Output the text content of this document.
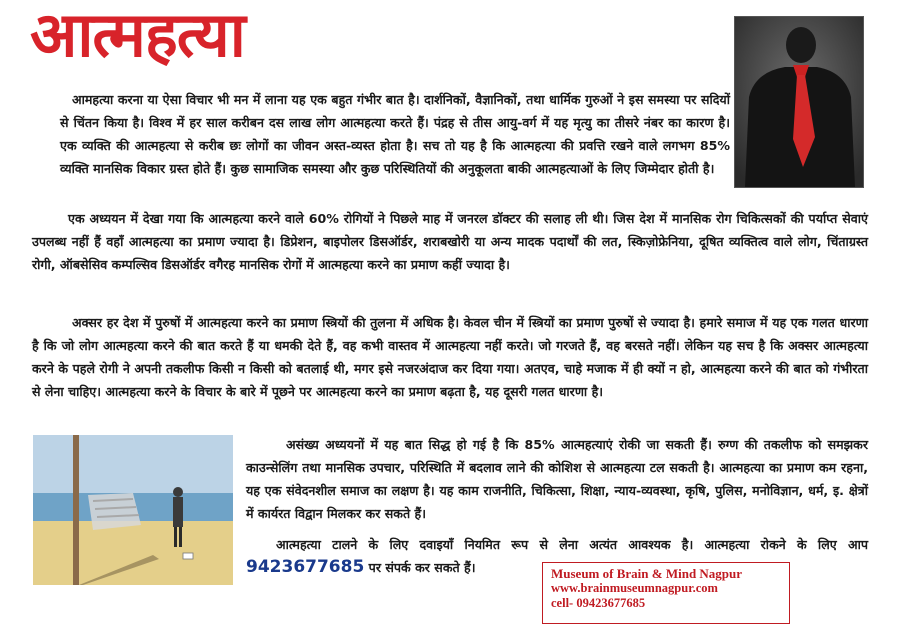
आत्महत्या

आमहत्या करना या ऐसा विचार भी मन में लाना यह एक बहुत गंभीर बात है। दार्शनिकों, वैज्ञानिकों, तथा धार्मिक गुरुओं ने इस समस्या पर सदियों से चिंतन किया है। विश्व में हर साल करीबन दस लाख लोग आत्महत्या करते हैं। पंद्रह से तीस आयु-वर्ग में यह मृत्यु का तीसरे नंबर का कारण है। एक व्यक्ति की आत्महत्या से करीब छः लोगों का जीवन अस्त-व्यस्त होता है। सच तो यह है कि आत्महत्या की प्रवत्ति रखने वाले लगभग 85% व्यक्ति मानसिक विकार ग्रस्त होते हैं। कुछ सामाजिक समस्या और कुछ परिस्थितियों की अनुकूलता बाकी आत्महत्याओं के लिए जिम्मेदार होती है।

एक अध्ययन में देखा गया कि आत्महत्या करने वाले 60% रोगियों ने पिछले माह में जनरल डॉक्टर की सलाह ली थी। जिस देश में मानसिक रोग चिकित्सकों की पर्याप्त सेवाएं उपलब्ध नहीं हैं वहाँ आत्महत्या का प्रमाण ज्यादा है। डिप्रेशन, बाइपोलर डिसऑर्डर, शराबखोरी या अन्य मादक पदार्थों की लत, स्किज़ोफ्रेनिया, दूषित व्यक्तित्व वाले लोग, चिंताग्रस्त रोगी, ऑबसेसिव कम्पल्सिव डिसऑर्डर वगैरह मानसिक रोगों में आत्महत्या करने का प्रमाण कहीं ज्यादा है।

अक्सर हर देश में पुरुषों में आत्महत्या करने का प्रमाण स्त्रियों की तुलना में अधिक है। केवल चीन में स्त्रियों का प्रमाण पुरुषों से ज्यादा है। हमारे समाज में यह एक गलत धारणा है कि जो लोग आत्महत्या करने की बात करते हैं या धमकी देते हैं, वह कभी वास्तव में आत्महत्या नहीं करते। जो गरजते हैं, वह बरसते नहीं। लेकिन यह सच है कि अक्सर आत्महत्या करने के पहले रोगी ने अपनी तकलीफ किसी न किसी को बतलाई थी, मगर इसे नजरअंदाज कर दिया गया। अतएव, चाहे मजाक में ही क्यों न हो, आत्महत्या करने की बात को गंभीरता से लेना चाहिए। आत्महत्या करने के विचार के बारे में पूछने पर आत्महत्या करने का प्रमाण बढ़ता है, यह दूसरी गलत धारणा है।

असंख्य अध्ययनों में यह बात सिद्ध हो गई है कि 85% आत्महत्याएं रोकी जा सकती हैं। रुग्ण की तकलीफ को समझकर काउन्सेलिंग तथा मानसिक उपचार, परिस्थिति में बदलाव लाने की कोशिश से आत्महत्या टल सकती है। आत्महत्या का प्रमाण कम रहना, यह एक संवेदनशील समाज का लक्षण है। यह काम राजनीति, चिकित्सा, शिक्षा, न्याय-व्यवस्था, कृषि, पुलिस, मनोविज्ञान, धर्म, इ. क्षेत्रों में कार्यरत विद्वान मिलकर कर सकते हैं।

आत्महत्या टालने के लिए दवाइयाँ नियमित रूप से लेना अत्यंत आवश्यक है। आत्महत्या रोकने के लिए आप 9423677685 पर संपर्क कर सकते हैं।	Museum of Brain & Mind Nagpur
www.brainmuseumnagpur.com
cell- 09423677685
